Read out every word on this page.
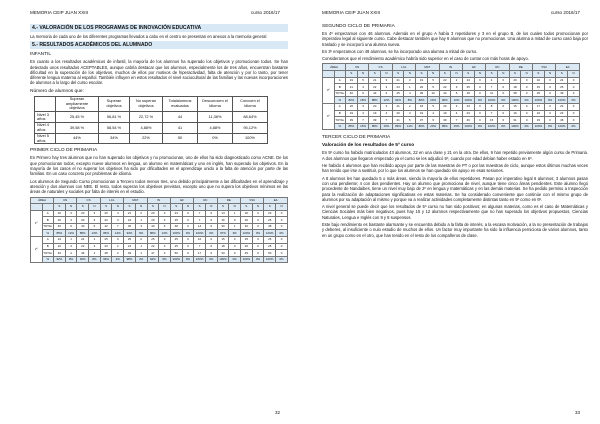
MEMORIA CEIP JUAN XXIII	curso 2016/17
4.- VALORACIÓN DE LOS PROGRAMAS DE INNOVACIÓN EDUCATIVA

La memoria de cada uno de los diferentes programas llevados a cabo en el centro se presentan en anexos a la memoria general

5.- RESULTADOS ACADÉMICOS DEL ALUMNADO
INFANTIL

En cuanto a los resultados académicos de infantil, la mayoría de los alumnos ha superado los objetivos y promocionan todos. Se han detectado unos resultados ACEPTABLES, aunque cabría destacar que los alumnos, especialmente los de tres años, encuentran bastante dificultad en la superación de los objetivos, muchos de ellos por motivos de hiperactividad, falta de atención y por lo tanto, por tener diferente lengua materna al español. También influyen en estos resultados el nivel sociocultural de las familias y las nuevas incorporaciones de alumnos a lo largo del curso escolar.

Número de alumnos que:
	Superan ampliamente objetivos	Superan objetivos	No superan objetivos	Totalalumnos evaluados	Desconocen el idioma	Conocen el idioma
Nivel 3 años	25,45 %	56,81 %	22,72 %	44	11,36%	88,64%
Nivel 4 años	39,58 %	58,54 %	4,88%	41	4,88%	95,12%
Nivel 5 años	44%	34%	22%	50	0%	100%
PRIMER CICLO DE PRIMARIA

En Primero hay tres alumnos que no han superado los objetivos y no promocionan, uno de ellos ha sido diagnosticado como ACNE. De los que promocionan todos, excepto nueve alumnos en lengua, un alumno en matemáticas y uno en inglés, han superado los objetivos. En la mayoría de los casos el no superar los objetivos ha sido por dificultades en el aprendizaje unido a la falta de atención por parte de las familias. En un caso concreto por problemas de idioma.

Los alumnos de Segundo Curso promocionan a Tercero todos menos tres, uno debido principalmente a las dificultades en el aprendizaje y atención y dos alumnos con NEE. El resto, todos superan los objetivos previstos, excepto uno que no supera los objetivos mínimos en las áreas de naturales y sociales por falta de interés en el estudio.

ÁREA		CN		CS		LCL		MAT		IN		EF		RC		RE		VSC		EA	
		S	N	S	N	S	N	S	N	S	N	S	N	S	N	S	N	S	N	S	N
1º	A	20	3	20	3	20	4	21	2	20	3	23	0	7	0	14	1	20	0	23	0
	B	20	3	20	3	22	3	24	1	20	3	25	0	7	0	16	0	20	0	25	0
	TOTAL	40	6	40	6	42	7	45	3	40	6	48	0	14	0	30	1	40	0	48	0
	%	85%	13%	85%	13%	86%	14%	94%	6%	86%	13%	100%	0%	100%	0%	97%	3%	100%	0%	100%	0%
2º	A	24	1	24	1	25	0	25	0	25	0	25	0	10	0	15	0	25	0	25	0
	B	22	3	22	3	23	2	24	1	22	3	25	0	7	0	18	0	20	0	25	0
	TOTAL	46	4	46	4	48	2	49	1	47	3	50	0	17	0	33	0	45	0	50	0
	%	92%	8%	92%	8%	96%	4%	98%	2%	94%	6%	100%	0%	100%	0%	100%	0%	100%	0%	100%	0%
32
MEMORIA CEIP JUAN XXIII	curso 2016/17
SEGUNDO CICLO DE PRIMARIA

En 4º empezamos con 46 alumnos. Además en el grupo A había 3 repetidores y 3 en el grupo B, de los cuales todos promocionan por imperativo legal al siguiente curso. Cabe destacar también que hay 6 alumnos que no promocionan. Una alumna a mitad de curso casó baja por traslado y se incorporó una alumna nueva.

En 3º empezamos con 49 alumnos, se ha incorporado una alumna a mitad de curso.

Consideramos que el rendimiento académico habría sido superior en el caso de contar con más horas de apoyo.

ÁREA		CN		CS		LCL		MAT		IN		EF		RC		RE		VSC		EA	
		S	N	S	N	S	N	S	N	S	N	S	N	S	N	S	N	S	N	S	N
3º	A	19	5	21	3	21	3	19	5	22	2	24	0	4	0	20	0	10	0	24	0
	B	21	4	22	3	24	1	20	5	22	3	25	0	7	0	18	0	15	0	25	0
	TOTAL	40	9	43	6	45	4	39	10	44	5	49	0	11	0	38	0	25	0	49	0
	%	82%	18%	88%	12%	92%	8%	80%	20%	90%	10%	100%	0%	100%	0%	100%	0%	100%	0%	100%	0%
4º	A	20	3	20	3	21	2	18	5	20	3	23	0	8	0	15	0	17	0	23	0
	B	19	4	19	4	20	3	19	4	19	4	23	0	7	0	16	0	16	0	23	0
	TOTAL	39	7	39	7	41	5	37	9	39	7	46	0	15	0	31	0	33	0	46	0
	%	85%	15%	85%	15%	89%	11%	80%	20%	85%	15%	100%	0%	100%	0%	100%	0%	100%	0%	100%	0%
TERCER CICLO DE PRIMARIA
Valoración de los resultados de 5º curso

En 5º curso ha habido matriculados 43 alumnos, 22 en una clase y 21 en la otra. De ellos, 9 han repetido previamente algún curso de Primaria. A dos alumnos que llegaron empezado ya el curso se les adjudicó 5º, cuando por edad debían haber estado en 6º.

He habido 4 alumnos que han recibido apoyo por parte de las maestras de PT o por las maestras de ciclo, aunque estos últimos muchas veces han tenido que irse a sustituir, por lo que los alumnos se han quedado sin apoyo en esas sesiones.

A 8 alumnos les han quedado 5 o más áreas, siendo la mayoría de ellos repetidores. Pasan por imperativo legal 6 alumnos; 3 alumnos pasan con una pendiente; 4 con dos pendientes. Hay un alumno que promociona de nivel, aunque tiene cinco áreas pendientes. Este alumno llegó procedente de Nandaibes, tiene un nivel muy bajo de 2º en lengua y matemáticas y en las demás materias. Se ha pedido permiso a Inspección para la realización de adaptaciones significativas en estas materias. Se ha considerado conveniente que continúe con el mismo grupo de alumnos por su adaptación al mismo y porque va a realizar actividades completamente distintas tanto en 5º como en 6º.

A nivel general se puede decir que los resultados de 5º curso no han sido positivos; en algunas materias, como es el caso de Matemáticas y Ciencias Sociales más bien negativos, pues hay 15 y 12 alumnos respectivamente que no han superado los objetivos propuestos. Ciencias Naturales, Lengua e Inglés con 9 y 8 suspensos.

Este bajo rendimiento es bastante alarmante y se encuentra debido a la falta de interés, a la escasa motivación, a la no presentación de trabajos y deberes, al insuficiente o nulo estudio de muchos de ellos. Un factor muy importante ha sido la influencia perniciosa de varios alumnos, tanto en un grupo como en el otro, que han tenido en el resto de los compañeros de clase.

33
